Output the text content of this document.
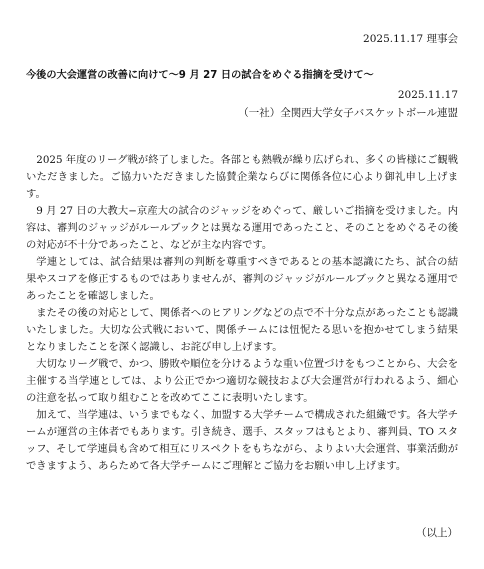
2025.11.17 理事会
今後の大会運営の改善に向けて〜9 月 27 日の試合をめぐる指摘を受けて〜
2025.11.17
（一社）全関西大学女子バスケットボール連盟

2025 年度のリーグ戦が終了しました。各部とも熱戦が繰り広げられ、多くの皆様にご観戦いただきました。ご協力いただきました協賛企業ならびに関係各位に心より御礼申し上げます。

9 月 27 日の大教大−京産大の試合のジャッジをめぐって、厳しいご指摘を受けました。内容は、審判のジャッジがルールブックとは異なる運用であったこと、そのことをめぐるその後の対応が不十分であったこと、などが主な内容です。

学連としては、試合結果は審判の判断を尊重すべきであるとの基本認識にたち、試合の結果やスコアを修正するものではありませんが、審判のジャッジがルールブックと異なる運用であったことを確認しました。

またその後の対応として、関係者へのヒアリングなどの点で不十分な点があったことも認識いたしました。大切な公式戦において、関係チームには忸怩たる思いを抱かせてしまう結果となりましたことを深く認識し、お詫び申し上げます。

大切なリーグ戦で、かつ、勝敗や順位を分けるような重い位置づけをもつことから、大会を主催する当学連としては、より公正でかつ適切な競技および大会運営が行われるよう、細心の注意を払って取り組むことを改めてここに表明いたします。

加えて、当学連は、いうまでもなく、加盟する大学チームで構成された組織です。各大学チームが運営の主体者でもあります。引き続き、選手、スタッフはもとより、審判員、TO スタッフ、そして学連員も含めて相互にリスペクトをもちながら、よりよい大会運営、事業活動ができますよう、あらためて各大学チームにご理解とご協力をお願い申し上げます。

（以上）
